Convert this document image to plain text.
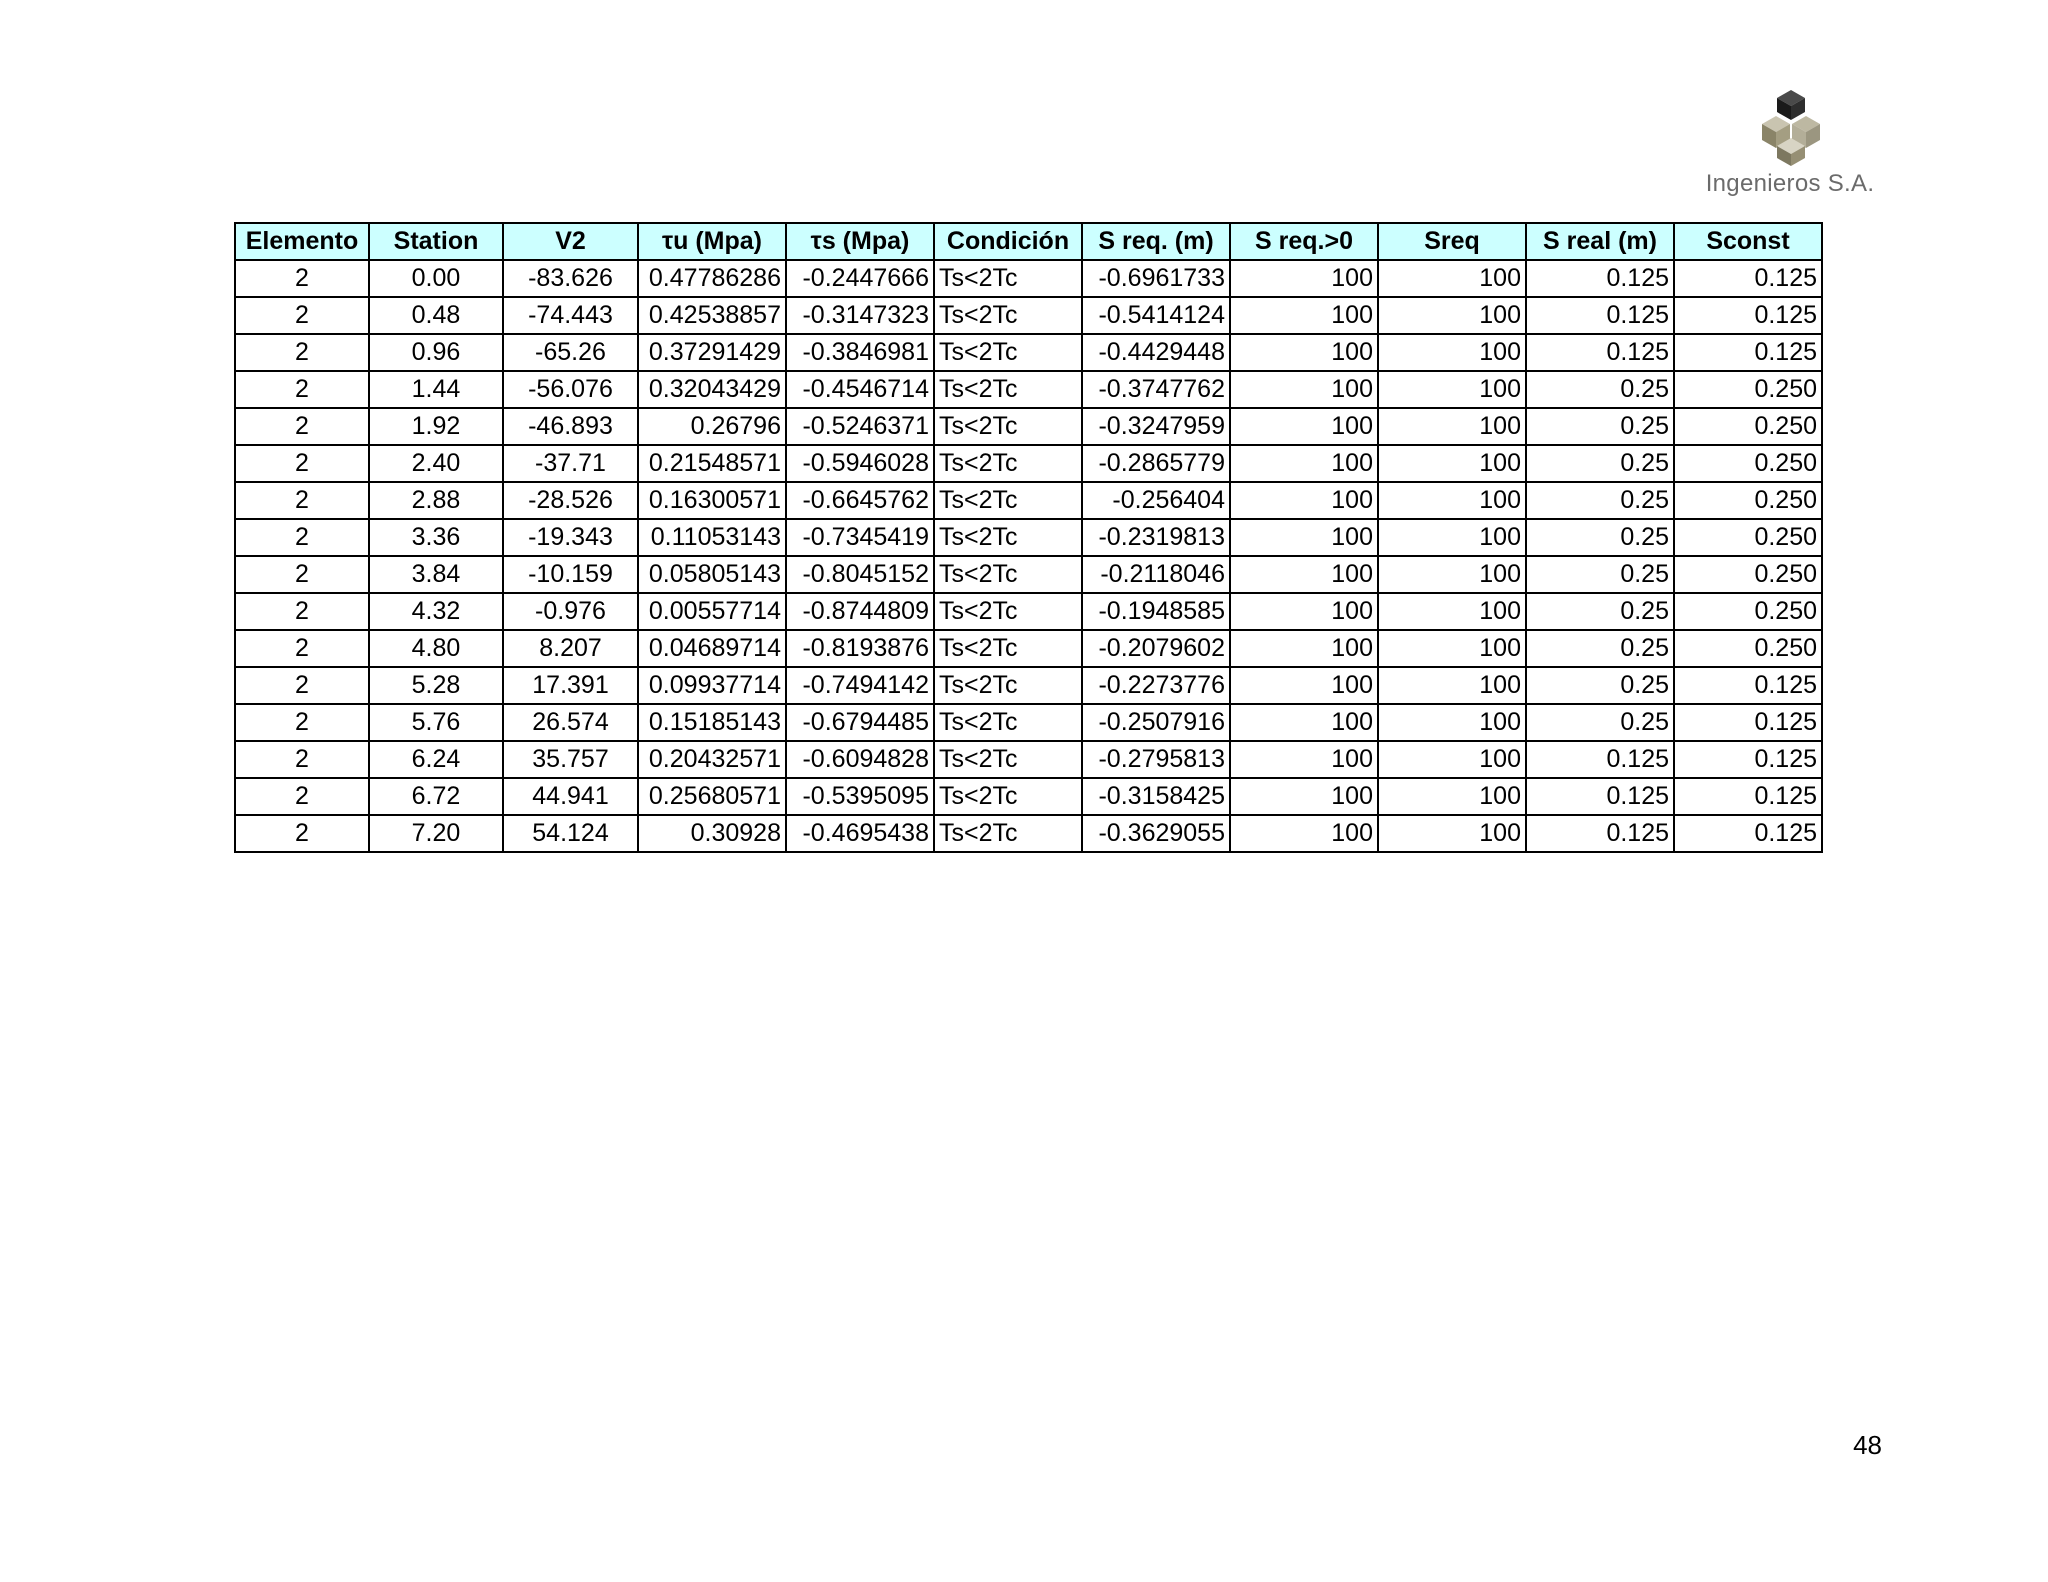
Ingenieros S.A.
Elemento	Station	V2	τu (Mpa)	τs (Mpa)	Condición	S req. (m)	S req.>0	Sreq	S real (m)	Sconst
2	0.00	-83.626	0.47786286	-0.2447666	Ts<2Tc	-0.6961733	100	100	0.125	0.125
2	0.48	-74.443	0.42538857	-0.3147323	Ts<2Tc	-0.5414124	100	100	0.125	0.125
2	0.96	-65.26	0.37291429	-0.3846981	Ts<2Tc	-0.4429448	100	100	0.125	0.125
2	1.44	-56.076	0.32043429	-0.4546714	Ts<2Tc	-0.3747762	100	100	0.25	0.250
2	1.92	-46.893	0.26796	-0.5246371	Ts<2Tc	-0.3247959	100	100	0.25	0.250
2	2.40	-37.71	0.21548571	-0.5946028	Ts<2Tc	-0.2865779	100	100	0.25	0.250
2	2.88	-28.526	0.16300571	-0.6645762	Ts<2Tc	-0.256404	100	100	0.25	0.250
2	3.36	-19.343	0.11053143	-0.7345419	Ts<2Tc	-0.2319813	100	100	0.25	0.250
2	3.84	-10.159	0.05805143	-0.8045152	Ts<2Tc	-0.2118046	100	100	0.25	0.250
2	4.32	-0.976	0.00557714	-0.8744809	Ts<2Tc	-0.1948585	100	100	0.25	0.250
2	4.80	8.207	0.04689714	-0.8193876	Ts<2Tc	-0.2079602	100	100	0.25	0.250
2	5.28	17.391	0.09937714	-0.7494142	Ts<2Tc	-0.2273776	100	100	0.25	0.125
2	5.76	26.574	0.15185143	-0.6794485	Ts<2Tc	-0.2507916	100	100	0.25	0.125
2	6.24	35.757	0.20432571	-0.6094828	Ts<2Tc	-0.2795813	100	100	0.125	0.125
2	6.72	44.941	0.25680571	-0.5395095	Ts<2Tc	-0.3158425	100	100	0.125	0.125
2	7.20	54.124	0.30928	-0.4695438	Ts<2Tc	-0.3629055	100	100	0.125	0.125
48
